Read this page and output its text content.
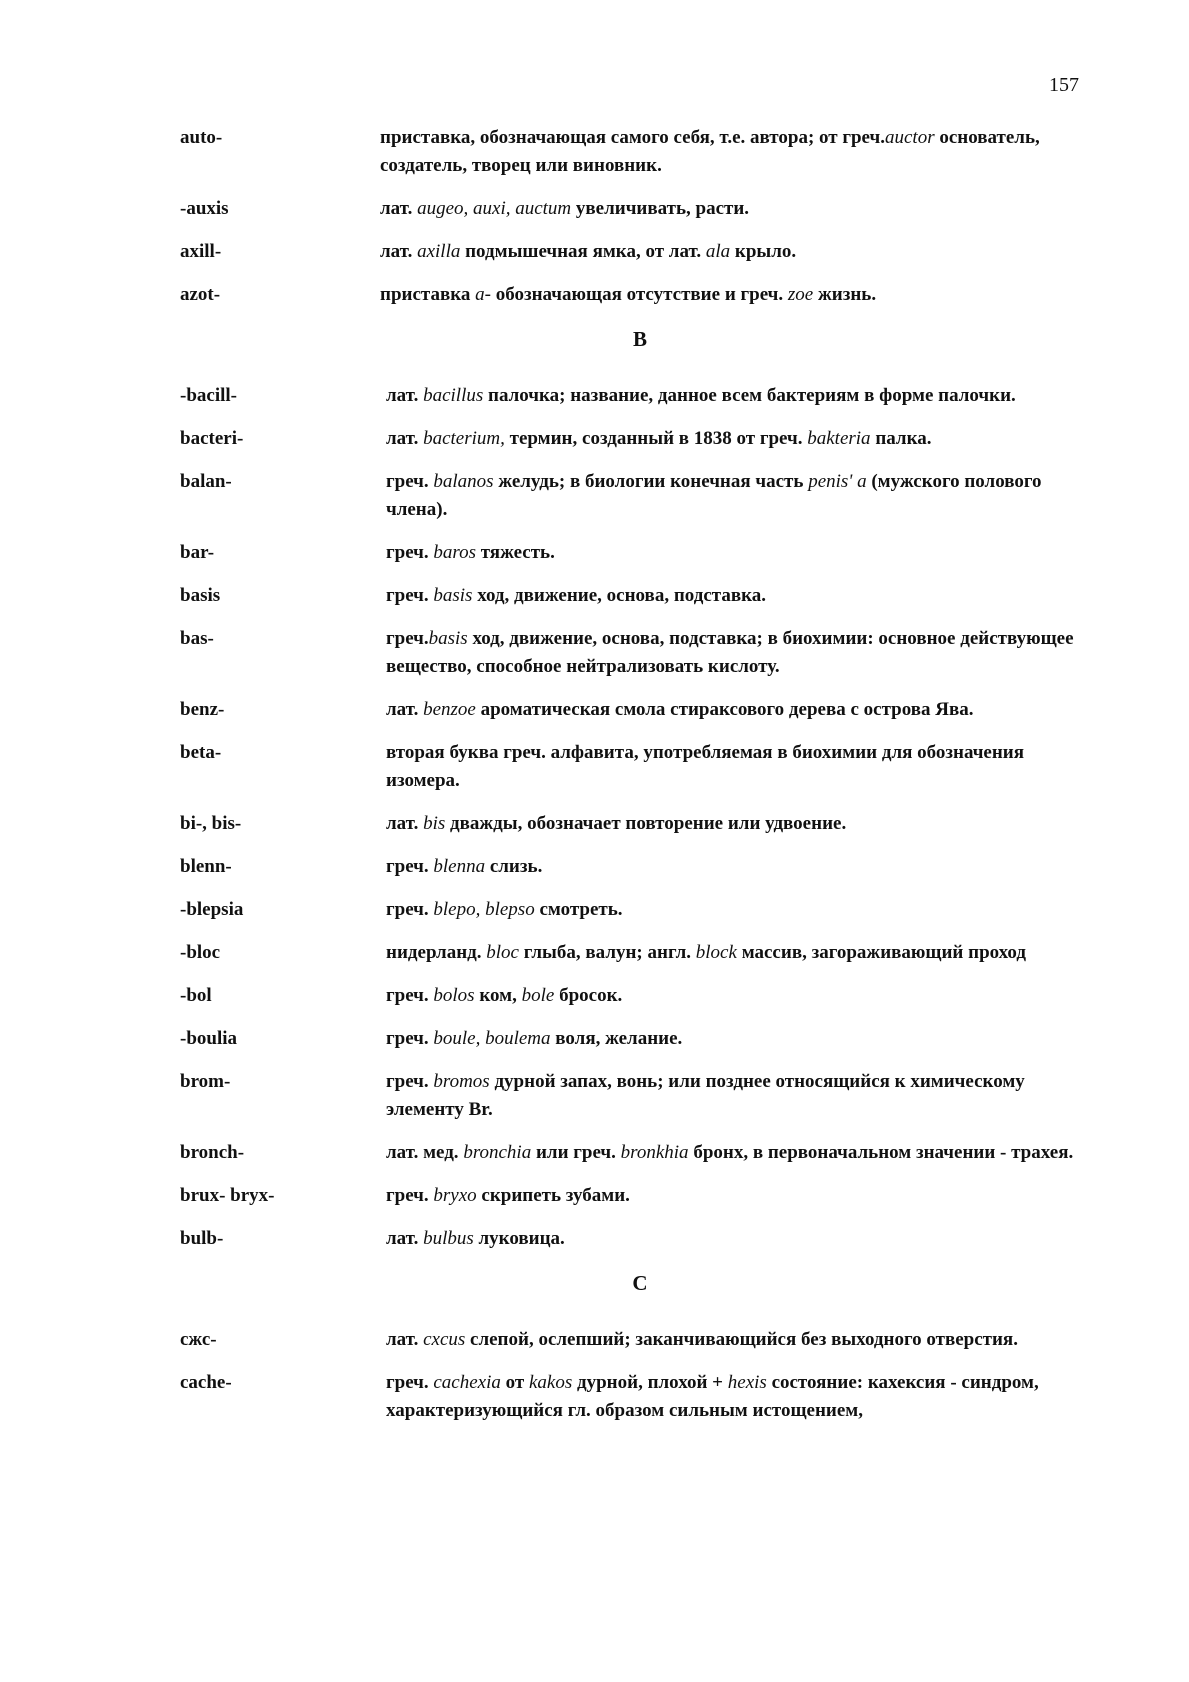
157
auto-	приставка, обозначающая самого себя, т.е. автора; от греч.auctor основатель, создатель, творец или виновник.
-auxis	лат. augeo, auxi, auctum увеличивать, расти.
axill-	лат. axilla подмышечная ямка, от лат. ala крыло.
azot-	приставка a- обозначающая отсутствие и греч. zoe жизнь.
B
-bacill-	лат. bacillus палочка; название, данное всем бактериям в форме палочки.
bacteri-	лат. bacterium, термин, созданный в 1838 от греч. bakteria палка.
balan-	греч. balanos желудь; в биологии конечная часть penis' a (мужского полового члена).
bar-	греч. baros тяжесть.
basis	греч. basis ход, движение, основа, подставка.
bas-	греч.basis ход, движение, основа, подставка; в биохимии: основное действующее вещество, способное нейтрализовать кислоту.
benz-	лат. benzoe ароматическая смола стираксового дерева с острова Ява.
beta-	вторая буква греч. алфавита, употребляемая в биохимии для обозначения изомера.
bi-, bis-	лат. bis дважды, обозначает повторение или удвоение.
blenn-	греч. blenna слизь.
-blepsia	греч. blepo, blepso смотреть.
-bloc	нидерланд. bloc глыба, валун; англ. block массив, загораживающий проход
-bol	греч. bolos ком, bole бросок.
-boulia	греч. boule, boulema воля, желание.
brom-	греч. bromos дурной запах, вонь; или позднее относящийся к химическому элементу Br.
bronch-	лат. мед. bronchia или греч. bronkhia бронх, в первоначальном значении - трахея.
brux- bryx-	греч. bryxo скрипеть зубами.
bulb-	лат. bulbus луковица.
C
сжс-	лат. cxcus слепой, ослепший; заканчивающийся без выходного отверстия.
cache-	греч. cachexia от kakos дурной, плохой + hexis состояние: кахексия - синдром, характеризующийся гл. образом сильным истощением,
